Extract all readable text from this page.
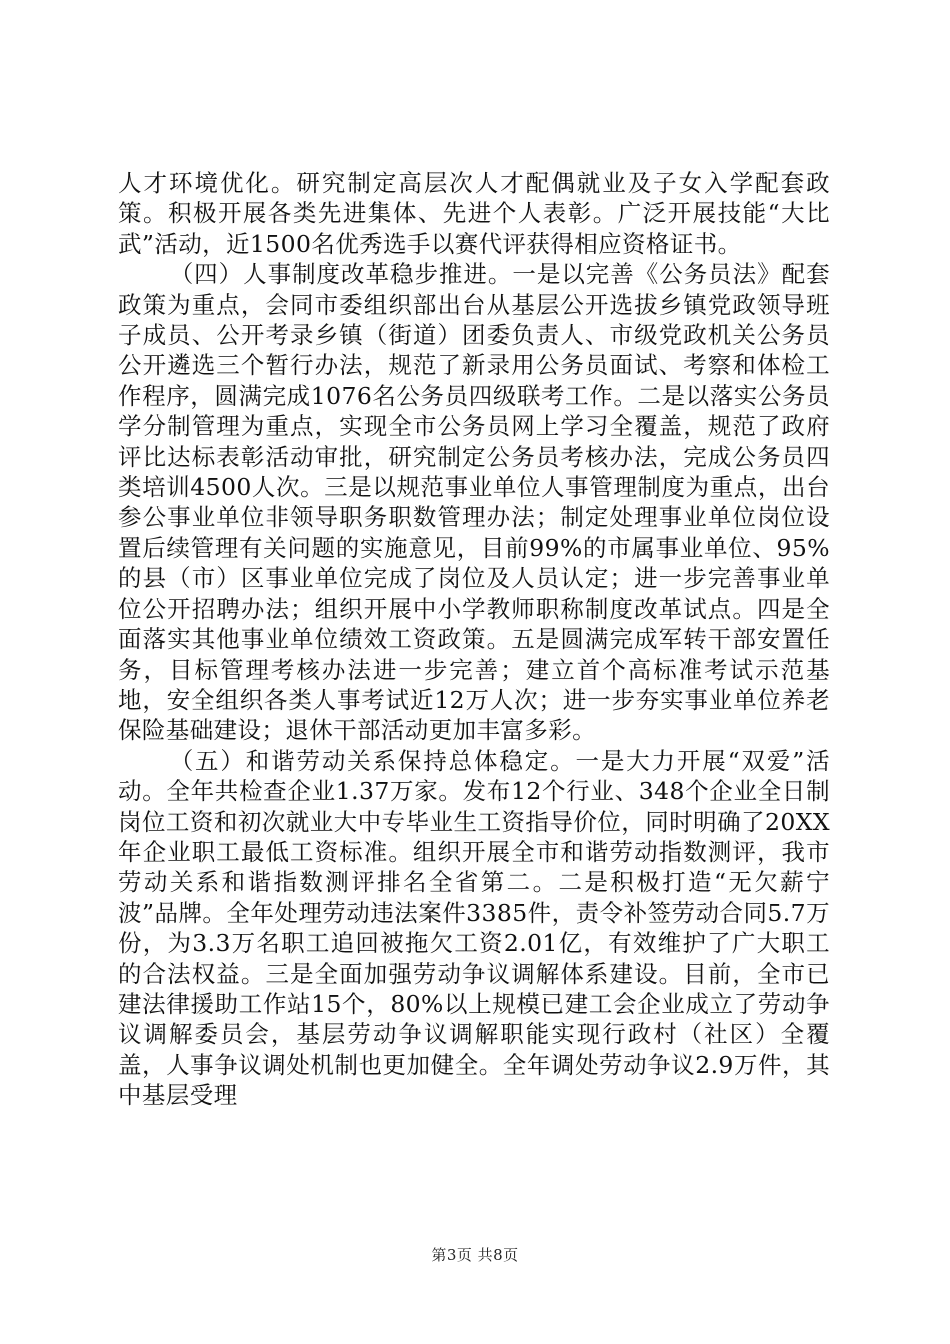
人才环境优化。研究制定高层次人才配偶就业及子女入学配套政策。积极开展各类先进集体、先进个人表彰。广泛开展技能“大比武”活动，近1500名优秀选手以赛代评获得相应资格证书。

（四）人事制度改革稳步推进。一是以完善《公务员法》配套政策为重点，会同市委组织部出台从基层公开选拔乡镇党政领导班子成员、公开考录乡镇（街道）团委负责人、市级党政机关公务员公开遴选三个暂行办法，规范了新录用公务员面试、考察和体检工作程序，圆满完成1076名公务员四级联考工作。二是以落实公务员学分制管理为重点，实现全市公务员网上学习全覆盖，规范了政府评比达标表彰活动审批，研究制定公务员考核办法，完成公务员四类培训4500人次。三是以规范事业单位人事管理制度为重点，出台参公事业单位非领导职务职数管理办法；制定处理事业单位岗位设置后续管理有关问题的实施意见，目前99%的市属事业单位、95%的县（市）区事业单位完成了岗位及人员认定；进一步完善事业单位公开招聘办法；组织开展中小学教师职称制度改革试点。四是全面落实其他事业单位绩效工资政策。五是圆满完成军转干部安置任务，目标管理考核办法进一步完善；建立首个高标准考试示范基地，安全组织各类人事考试近12万人次；进一步夯实事业单位养老保险基础建设；退休干部活动更加丰富多彩。

（五）和谐劳动关系保持总体稳定。一是大力开展“双爱”活动。全年共检查企业1.37万家。发布12个行业、348个企业全日制岗位工资和初次就业大中专毕业生工资指导价位，同时明确了20XX年企业职工最低工资标准。组织开展全市和谐劳动指数测评，我市劳动关系和谐指数测评排名全省第二。二是积极打造“无欠薪宁波”品牌。全年处理劳动违法案件3385件，责令补签劳动合同5.7万份，为3.3万名职工追回被拖欠工资2.01亿，有效维护了广大职工的合法权益。三是全面加强劳动争议调解体系建设。目前，全市已建法律援助工作站15个，80%以上规模已建工会企业成立了劳动争议调解委员会，基层劳动争议调解职能实现行政村（社区）全覆盖，人事争议调处机制也更加健全。全年调处劳动争议2.9万件，其中基层受理

第3页 共8页
